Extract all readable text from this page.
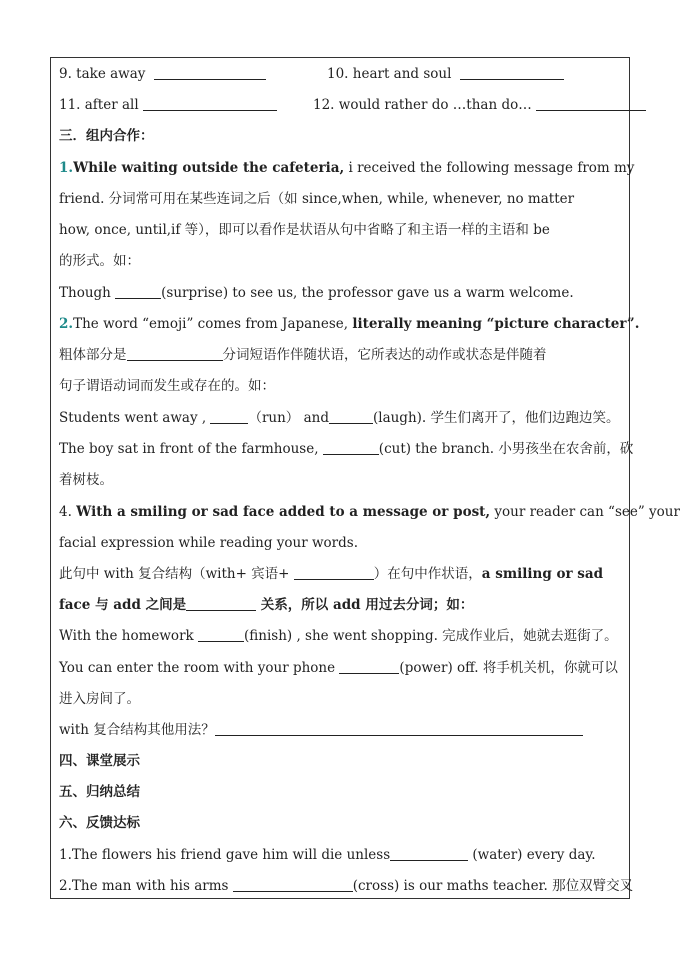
9. take away	10. heart and soul
11. after all	12. would rather do …than do…
三．组内合作：
1.While waiting outside the cafeteria, i received the following message from my
friend. 分词常可用在某些连词之后（如 since,when, while, whenever, no matter
how, once, until,if 等），即可以看作是状语从句中省略了和主语一样的主语和 be
的形式。如：
Though	(surprise) to see us, the professor gave us a warm welcome.
2.The word “emoji” comes from Japanese, literally meaning “picture character”.
粗体部分是	分词短语作伴随状语，它所表达的动作或状态是伴随着
句子谓语动词而发生或存在的。如：
Students went away ,	（run） and	(laugh). 学生们离开了，他们边跑边笑。
The boy sat in front of the farmhouse,	(cut) the branch. 小男孩坐在农舍前，砍
着树枝。
4. With a smiling or sad face added to a message or post, your reader can “see” your
facial expression while reading your words.
此句中 with 复合结构（with+ 宾语+	）在句中作状语，a smiling or sad
face 与 add 之间是	关系，所以 add 用过去分词；如：
With the homework	(finish) , she went shopping. 完成作业后，她就去逛街了。
You can enter the room with your phone	(power) off. 将手机关机，你就可以
进入房间了。
with 复合结构其他用法？
四、课堂展示
五、归纳总结
六、反馈达标
1.The flowers his friend gave him will die unless	(water) every day.
2.The man with his arms	(cross) is our maths teacher. 那位双臂交叉
